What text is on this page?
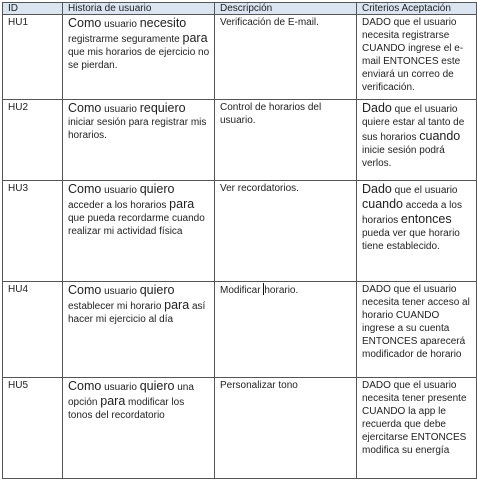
ID	Historia de usuario	Descripción	Criterios Aceptación
HU1	Como usuario necesito registrarme seguramente para que mis horarios de ejercicio no se pierdan.	Verificación de E-mail.	DADO que el usuario necesita registrarse CUANDO ingrese el e-mail ENTONCES este enviará un correo de verificación.
HU2	Como usuario requiero iniciar sesión para registrar mis horarios.	Control de horarios del usuario.	Dado que el usuario quiere estar al tanto de sus horarios cuando inicie sesión podrá verlos.
HU3	Como usuario quiero acceder a los horarios para que pueda recordarme cuando realizar mi actividad física	Ver recordatorios.	Dado que el usuario cuando acceda a los horarios entonces pueda ver que horario tiene establecido.
HU4	Como usuario quiero establecer mi horario para así hacer mi ejercicio al día	Modificar horario.	DADO que el usuario necesita tener acceso al horario CUANDO ingrese a su cuenta ENTONCES aparecerá modificador de horario
HU5	Como usuario quiero una opción para modificar los tonos del recordatorio	Personalizar tono	DADO que el usuario necesita tener presente CUANDO la app le recuerda que debe ejercitarse ENTONCES modifica su energía
